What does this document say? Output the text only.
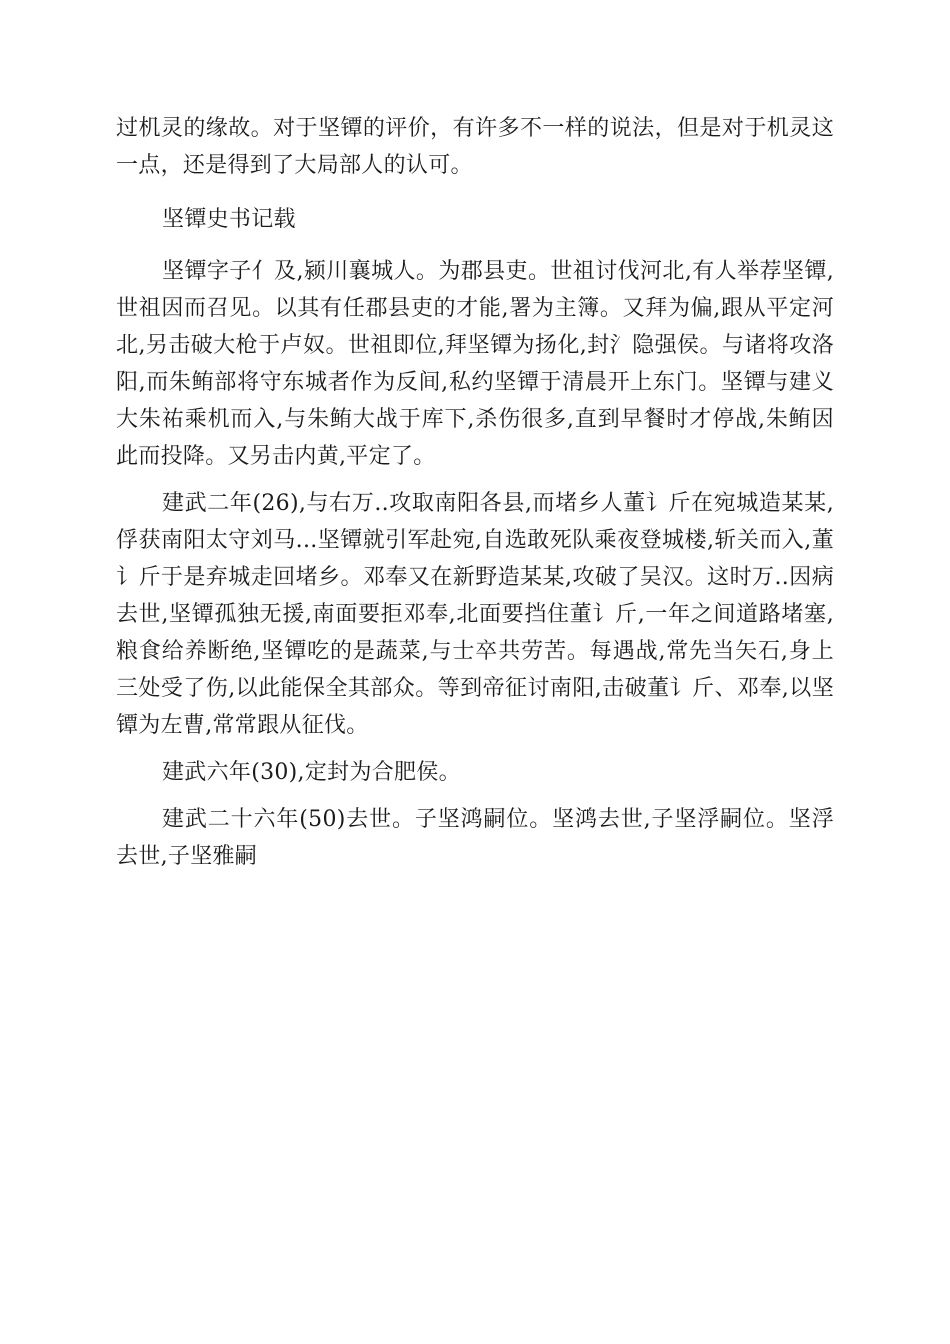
过机灵的缘故。对于坚镡的评价，有许多不一样的说法，但是对于机灵这一点，还是得到了大局部人的认可。

坚镡史书记载

坚镡字子亻及,颍川襄城人。为郡县吏。世祖讨伐河北,有人举荐坚镡,世祖因而召见。以其有任郡县吏的才能,署为主簿。又拜为偏,跟从平定河北,另击破大枪于卢奴。世祖即位,拜坚镡为扬化,封氵隐强侯。与诸将攻洛阳,而朱鲔部将守东城者作为反间,私约坚镡于清晨开上东门。坚镡与建义大朱祐乘机而入,与朱鲔大战于库下,杀伤很多,直到早餐时才停战,朱鲔因此而投降。又另击内黄,平定了。

建武二年(26),与右万..攻取南阳各县,而堵乡人董讠斤在宛城造某某,俘获南阳太守刘马...坚镡就引军赴宛,自选敢死队乘夜登城楼,斩关而入,董讠斤于是弃城走回堵乡。邓奉又在新野造某某,攻破了吴汉。这时万..因病去世,坚镡孤独无援,南面要拒邓奉,北面要挡住董讠斤,一年之间道路堵塞,粮食给养断绝,坚镡吃的是蔬菜,与士卒共劳苦。每遇战,常先当矢石,身上三处受了伤,以此能保全其部众。等到帝征讨南阳,击破董讠斤、邓奉,以坚镡为左曹,常常跟从征伐。

建武六年(30),定封为合肥侯。

建武二十六年(50)去世。子坚鸿嗣位。坚鸿去世,子坚浮嗣位。坚浮去世,子坚雅嗣
